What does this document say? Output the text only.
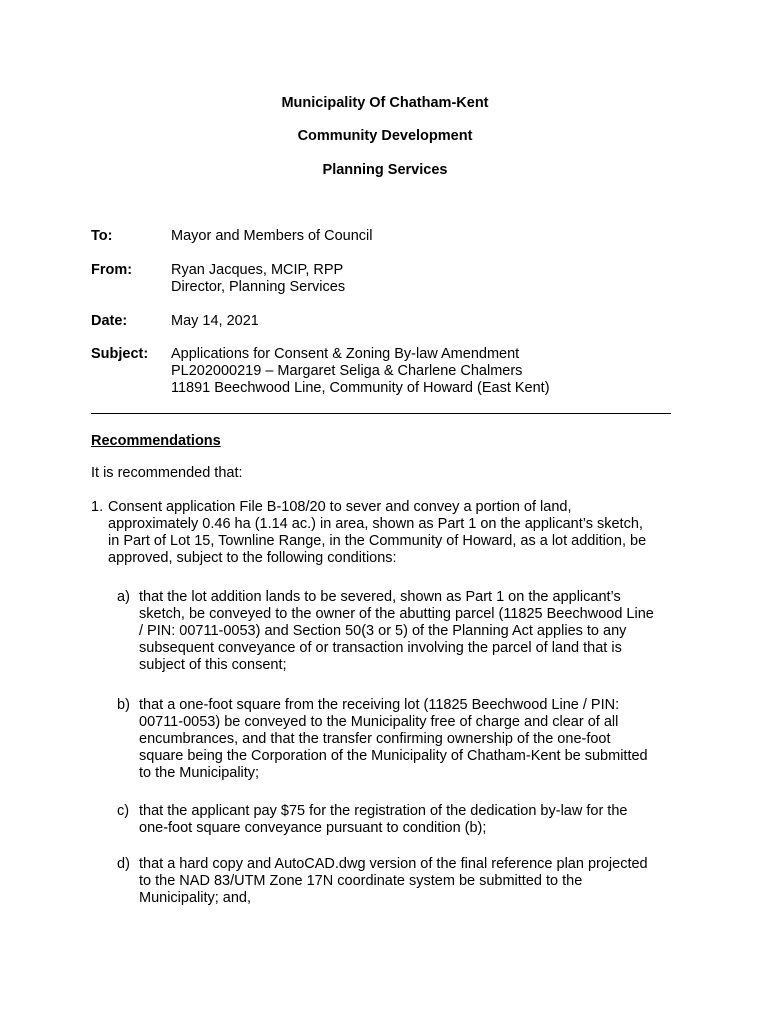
Municipality Of Chatham-Kent
Community Development
Planning Services
To:	Mayor and Members of Council
From:	Ryan Jacques, MCIP, RPP
Director, Planning Services
Date:	May 14, 2021
Subject: Applications for Consent & Zoning By-law Amendment
PL202000219 – Margaret Seliga & Charlene Chalmers
11891 Beechwood Line, Community of Howard (East Kent)
Recommendations
It is recommended that:
1. Consent application File B-108/20 to sever and convey a portion of land,
approximately 0.46 ha (1.14 ac.) in area, shown as Part 1 on the applicant’s sketch,
in Part of Lot 15, Townline Range, in the Community of Howard, as a lot addition, be
approved, subject to the following conditions:
a) that the lot addition lands to be severed, shown as Part 1 on the applicant’s
sketch, be conveyed to the owner of the abutting parcel (11825 Beechwood Line
/ PIN: 00711-0053) and Section 50(3 or 5) of the Planning Act applies to any
subsequent conveyance of or transaction involving the parcel of land that is
subject of this consent;
b) that a one-foot square from the receiving lot (11825 Beechwood Line / PIN:
00711-0053) be conveyed to the Municipality free of charge and clear of all
encumbrances, and that the transfer confirming ownership of the one-foot
square being the Corporation of the Municipality of Chatham-Kent be submitted
to the Municipality;
c) that the applicant pay $75 for the registration of the dedication by-law for the
one-foot square conveyance pursuant to condition (b);
d) that a hard copy and AutoCAD.dwg version of the final reference plan projected
to the NAD 83/UTM Zone 17N coordinate system be submitted to the
Municipality; and,
